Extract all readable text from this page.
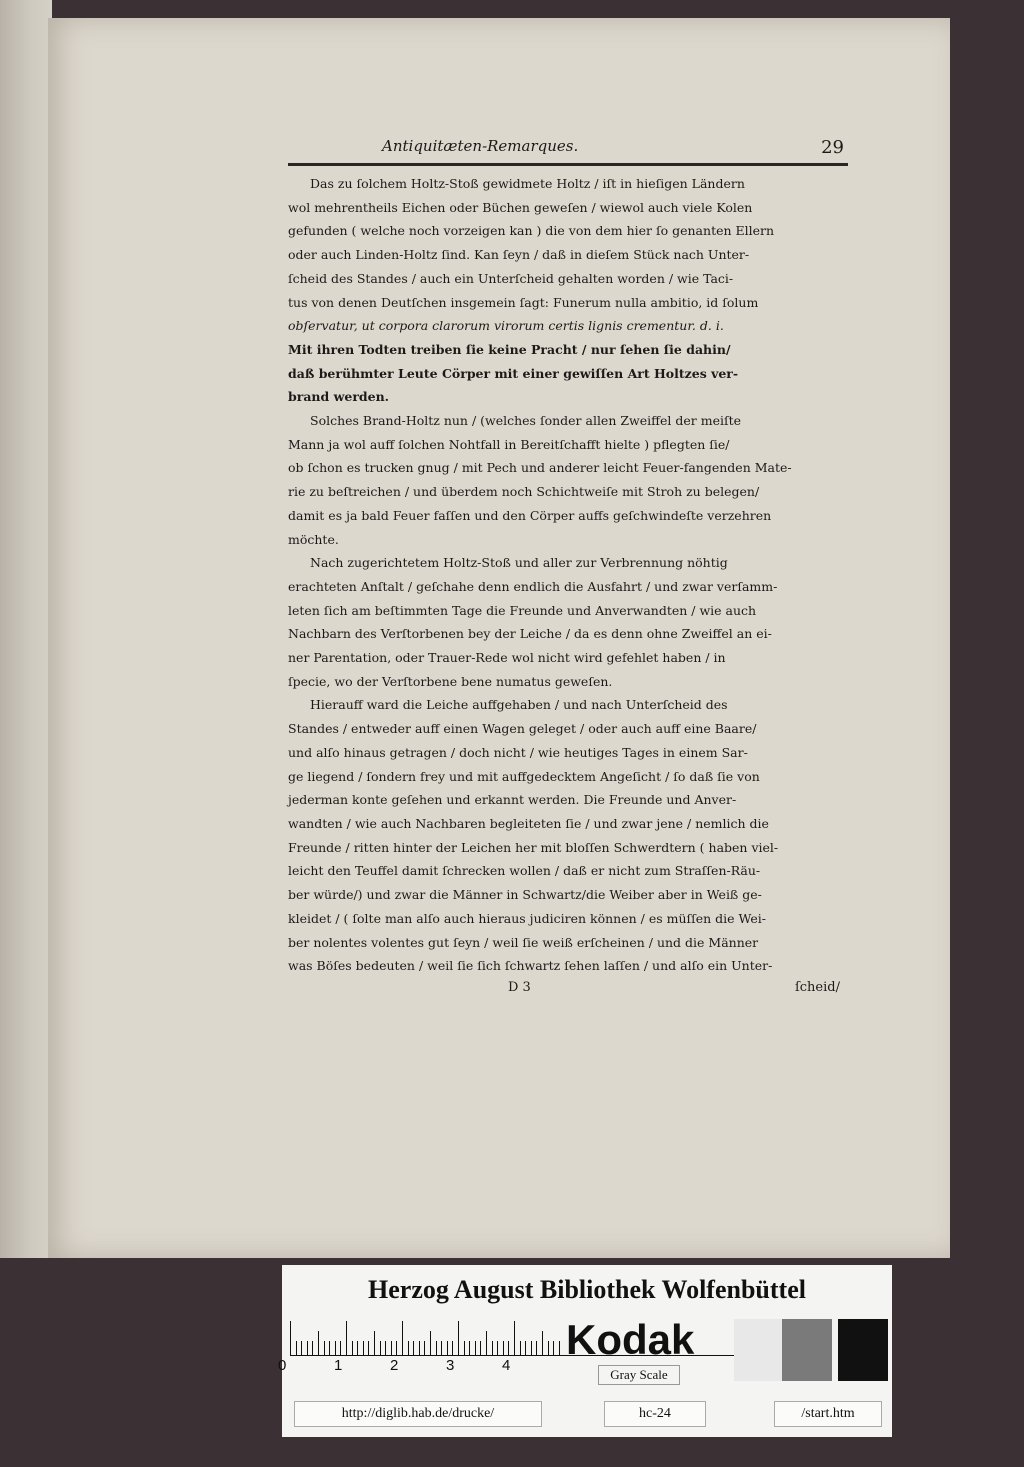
Antiquitæten-Remarques.	29

Das zu ſolchem Holtz-Stoß gewidmete Holtz / iſt in hieſigen Ländern

wol mehrentheils Eichen oder Büchen geweſen / wiewol auch viele Kolen

gefunden ( welche noch vorzeigen kan ) die von dem hier ſo genanten Ellern

oder auch Linden-Holtz ſind. Kan ſeyn / daß in dieſem Stück nach Unter-

ſcheid des Standes / auch ein Unterſcheid gehalten worden / wie Taci-

tus von denen Deutſchen insgemein ſagt: Funerum nulla ambitio, id ſolum

obſervatur, ut corpora clarorum virorum certis lignis crementur. d. i.

Mit ihren Todten treiben ſie keine Pracht / nur ſehen ſie dahin/

daß berühmter Leute Cörper mit einer gewiſſen Art Holtzes ver-

brand werden.

Solches Brand-Holtz nun / (welches ſonder allen Zweiffel der meiſte

Mann ja wol auff ſolchen Nohtfall in Bereitſchafft hielte ) pflegten ſie/

ob ſchon es trucken gnug / mit Pech und anderer leicht Feuer-fangenden Mate-

rie zu beſtreichen / und überdem noch Schichtweiſe mit Stroh zu belegen/

damit es ja bald Feuer faſſen und den Cörper auffs geſchwindeſte verzehren

möchte.

Nach zugerichtetem Holtz-Stoß und aller zur Verbrennung nöhtig

erachteten Anſtalt / geſchahe denn endlich die Ausfahrt / und zwar verſamm-

leten ſich am beſtimmten Tage die Freunde und Anverwandten / wie auch

Nachbarn des Verſtorbenen bey der Leiche / da es denn ohne Zweiffel an ei-

ner Parentation, oder Trauer-Rede wol nicht wird gefehlet haben / in

ſpecie, wo der Verſtorbene bene numatus geweſen.

Hierauff ward die Leiche auffgehaben / und nach Unterſcheid des

Standes / entweder auff einen Wagen geleget / oder auch auff eine Baare/

und alſo hinaus getragen / doch nicht / wie heutiges Tages in einem Sar-

ge liegend / ſondern frey und mit auffgedecktem Angeſicht / ſo daß ſie von

jederman konte geſehen und erkannt werden. Die Freunde und Anver-

wandten / wie auch Nachbaren begleiteten ſie / und zwar jene / nemlich die

Freunde / ritten hinter der Leichen her mit bloſſen Schwerdtern ( haben viel-

leicht den Teuffel damit ſchrecken wollen / daß er nicht zum Straſſen-Räu-

ber würde/) und zwar die Männer in Schwartz/die Weiber aber in Weiß ge-

kleidet / ( ſolte man alſo auch hieraus judiciren können / es müſſen die Wei-

ber nolentes volentes gut ſeyn / weil ſie weiß erſcheinen / und die Männer

was Böſes bedeuten / weil ſie ſich ſchwartz ſehen laſſen / und alſo ein Unter-

D 3	ſcheid/
Herzog August Bibliothek Wolfenbüttel
0	1	2	3	4
Kodak
Gray Scale
http://diglib.hab.de/drucke/	hc-24	/start.htm
